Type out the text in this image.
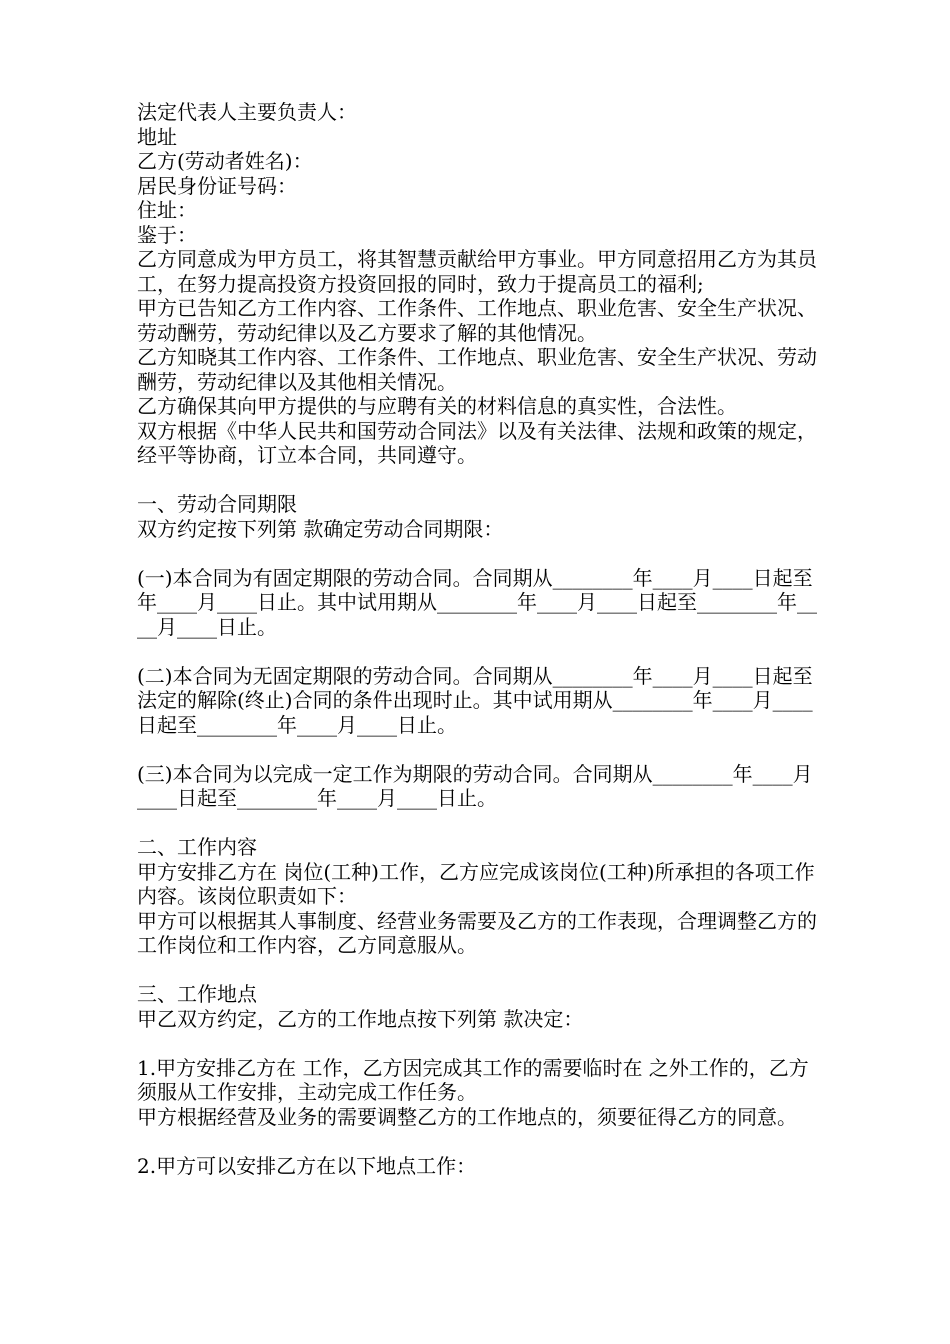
法定代表人主要负责人：

地址

乙方(劳动者姓名)：

居民身份证号码：

住址：

鉴于：

乙方同意成为甲方员工，将其智慧贡献给甲方事业。甲方同意招用乙方为其员工，在努力提高投资方投资回报的同时，致力于提高员工的福利;

甲方已告知乙方工作内容、工作条件、工作地点、职业危害、安全生产状况、劳动酬劳，劳动纪律以及乙方要求了解的其他情况。

乙方知晓其工作内容、工作条件、工作地点、职业危害、安全生产状况、劳动酬劳，劳动纪律以及其他相关情况。

乙方确保其向甲方提供的与应聘有关的材料信息的真实性，合法性。

双方根据《中华人民共和国劳动合同法》以及有关法律、法规和政策的规定，经平等协商，订立本合同，共同遵守。

一、劳动合同期限

双方约定按下列第 款确定劳动合同期限：

(一)本合同为有固定期限的劳动合同。合同期从________年____月____日起至年____月____日止。其中试用期从________年____月____日起至________年____月____日止。

(二)本合同为无固定期限的劳动合同。合同期从________年____月____日起至法定的解除(终止)合同的条件出现时止。其中试用期从________年____月____日起至________年____月____日止。

(三)本合同为以完成一定工作为期限的劳动合同。合同期从________年____月____日起至________年____月____日止。

二、工作内容

甲方安排乙方在 岗位(工种)工作，乙方应完成该岗位(工种)所承担的各项工作内容。该岗位职责如下：

甲方可以根据其人事制度、经营业务需要及乙方的工作表现，合理调整乙方的工作岗位和工作内容，乙方同意服从。

三、工作地点

甲乙双方约定，乙方的工作地点按下列第 款决定：

1.甲方安排乙方在 工作，乙方因完成其工作的需要临时在 之外工作的，乙方须服从工作安排，主动完成工作任务。

甲方根据经营及业务的需要调整乙方的工作地点的，须要征得乙方的同意。

2.甲方可以安排乙方在以下地点工作：
